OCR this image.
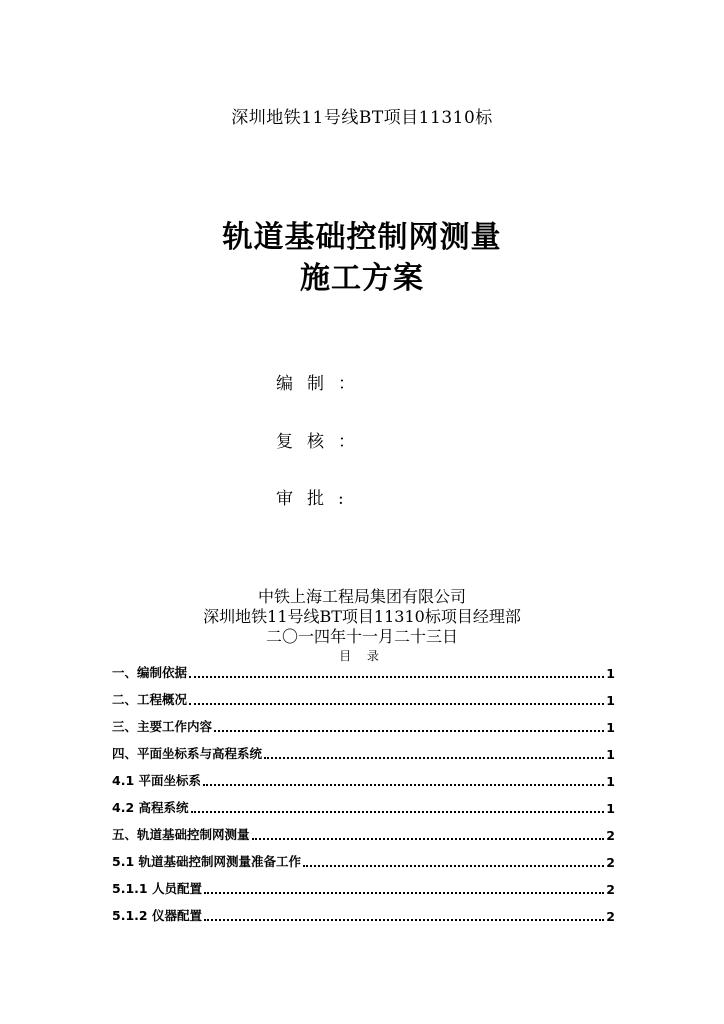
深圳地铁11号线BT项目11310标
轨道基础控制网测量
施工方案
编制：
复核：
审批:
中铁上海工程局集团有限公司
深圳地铁11号线BT项目11310标项目经理部
二〇一四年十一月二十三日
目 录
一、编制依据	1
二、工程概况	1
三、主要工作内容	1
四、平面坐标系与高程系统	1
4.1 平面坐标系	1
4.2 高程系统	1
五、轨道基础控制网测量	2
5.1 轨道基础控制网测量准备工作	2
5.1.1 人员配置	2
5.1.2 仪器配置	2
